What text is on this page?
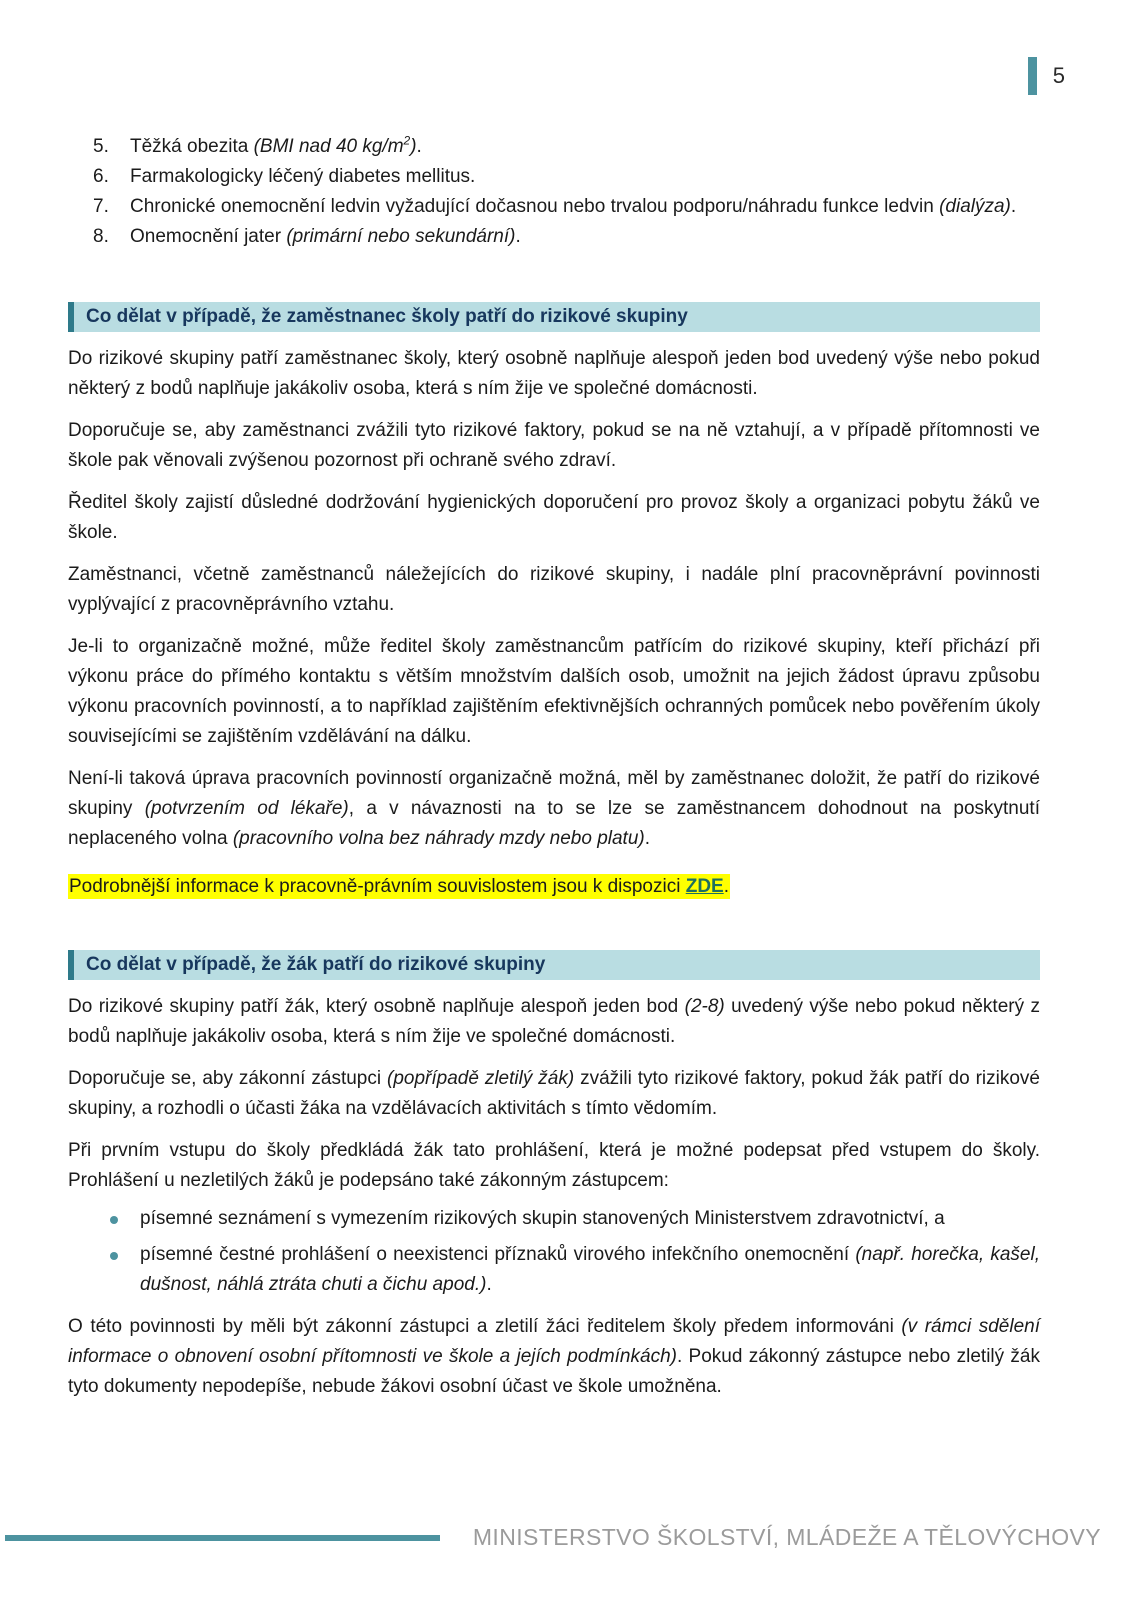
5
5.	Těžká obezita (BMI nad 40 $kg/m^2$).
6.	Farmakologicky léčený diabetes mellitus.
7.	Chronické onemocnění ledvin vyžadující dočasnou nebo trvalou podporu/náhradu funkce ledvin (dialýza).
8.	Onemocnění jater (primární nebo sekundární).
Co dělat v případě, že zaměstnanec školy patří do rizikové skupiny

Do rizikové skupiny patří zaměstnanec školy, který osobně naplňuje alespoň jeden bod uvedený výše nebo pokud některý z bodů naplňuje jakákoliv osoba, která s ním žije ve společné domácnosti.

Doporučuje se, aby zaměstnanci zvážili tyto rizikové faktory, pokud se na ně vztahují, a v případě přítomnosti ve škole pak věnovali zvýšenou pozornost při ochraně svého zdraví.

Ředitel školy zajistí důsledné dodržování hygienických doporučení pro provoz školy a organizaci pobytu žáků ve škole.

Zaměstnanci, včetně zaměstnanců náležejících do rizikové skupiny, i nadále plní pracovněprávní povinnosti vyplývající z pracovněprávního vztahu.

Je-li to organizačně možné, může ředitel školy zaměstnancům patřícím do rizikové skupiny, kteří přichází při výkonu práce do přímého kontaktu s větším množstvím dalších osob, umožnit na jejich žádost úpravu způsobu výkonu pracovních povinností, a to například zajištěním efektivnějších ochranných pomůcek nebo pověřením úkoly souvisejícími se zajištěním vzdělávání na dálku.

Není-li taková úprava pracovních povinností organizačně možná, měl by zaměstnanec doložit, že patří do rizikové skupiny (potvrzením od lékaře), a v návaznosti na to se lze se zaměstnancem dohodnout na poskytnutí neplaceného volna (pracovního volna bez náhrady mzdy nebo platu).

Podrobnější informace k pracovně-právním souvislostem jsou k dispozici ZDE.

Co dělat v případě, že žák patří do rizikové skupiny

Do rizikové skupiny patří žák, který osobně naplňuje alespoň jeden bod (2-8) uvedený výše nebo pokud některý z bodů naplňuje jakákoliv osoba, která s ním žije ve společné domácnosti.

Doporučuje se, aby zákonní zástupci (popřípadě zletilý žák) zvážili tyto rizikové faktory, pokud žák patří do rizikové skupiny, a rozhodli o účasti žáka na vzdělávacích aktivitách s tímto vědomím.

Při prvním vstupu do školy předkládá žák tato prohlášení, která je možné podepsat před vstupem do školy. Prohlášení u nezletilých žáků je podepsáno také zákonným zástupcem:

písemné seznámení s vymezením rizikových skupin stanovených Ministerstvem zdravotnictví, a
písemné čestné prohlášení o neexistenci příznaků virového infekčního onemocnění (např. horečka, kašel, dušnost, náhlá ztráta chuti a čichu apod.).

O této povinnosti by měli být zákonní zástupci a zletilí žáci ředitelem školy předem informováni (v rámci sdělení informace o obnovení osobní přítomnosti ve škole a jejích podmínkách). Pokud zákonný zástupce nebo zletilý žák tyto dokumenty nepodepíše, nebude žákovi osobní účast ve škole umožněna.

MINISTERSTVO ŠKOLSTVÍ, MLÁDEŽE A TĚLOVÝCHOVY
